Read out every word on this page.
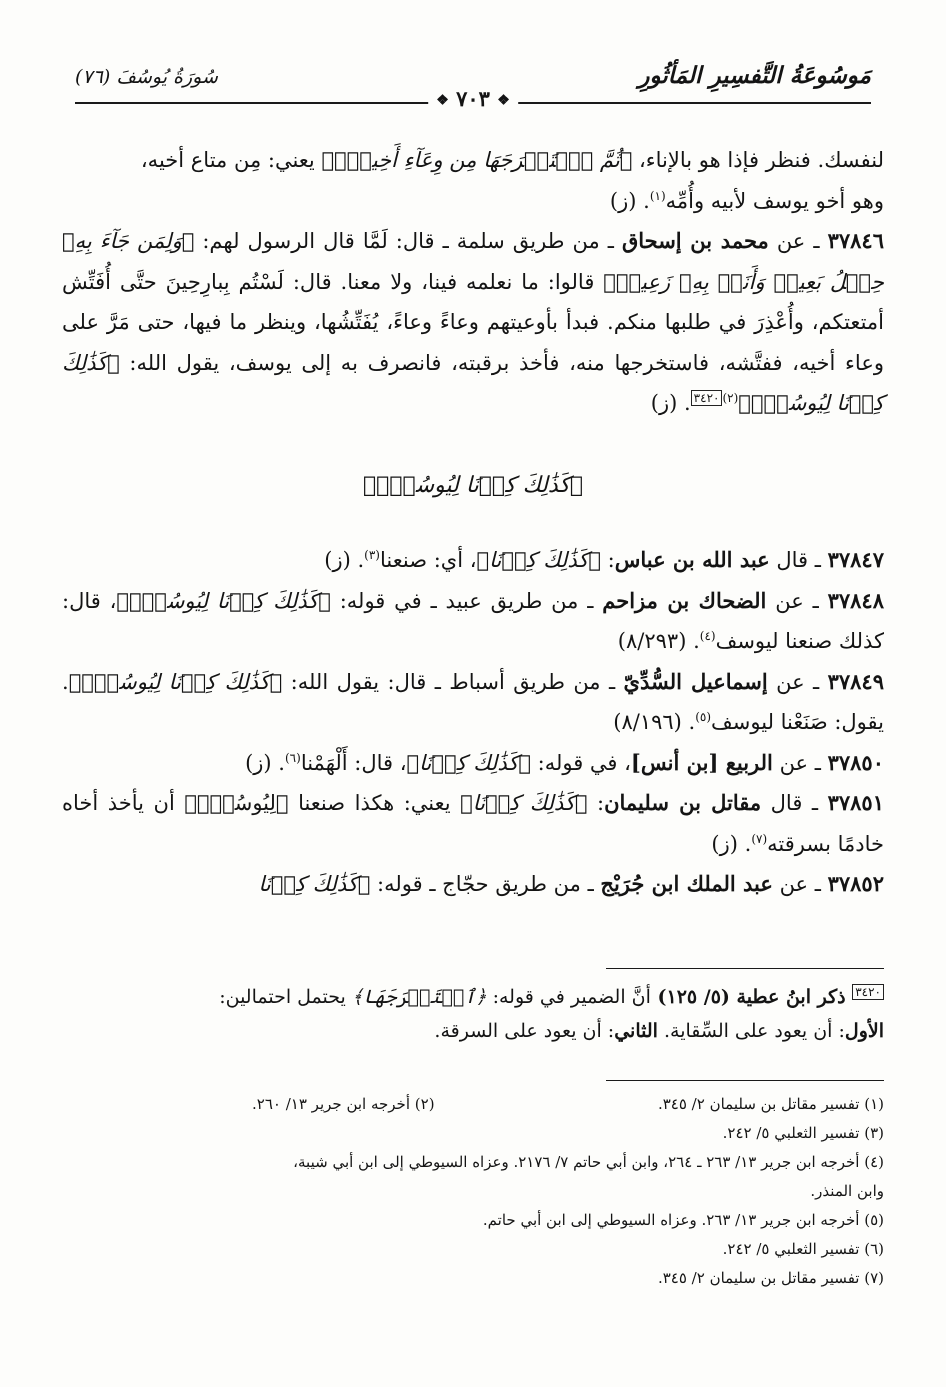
مَوسُوعَةُ التَّفسِيرِ المَأثُورِ
سُورَةُ يُوسُفَ (٧٦)
❖ ٧٠٣ ❖

لنفسك. فنظر فإذا هو بالإناء، ﴿ثُمَّ ٱسۡتَخۡرَجَهَا مِن وِعَآءِ أَخِيهِۚ﴾ يعني: مِن متاع أخيه،
وهو أخو يوسف لأبيه وأُمِّه$^{(١)}$. (ز)

٣٧٨٤٦ ـ عن محمد بن إسحاق ـ من طريق سلمة ـ قال: لَمَّا قال الرسول لهم: ﴿وَلِمَن جَآءَ بِهِۦ حِمۡلُ بَعِيرٖ وَأَنَا۠ بِهِۦ زَعِيمٞ﴾ قالوا: ما نعلمه فينا، ولا معنا. قال: لَسْتُم بِبارِحِينَ حتَّى أُفَتِّش أمتعتكم، وأُعْذِرَ في طلبها منكم. فبدأ بأوعيتهم وعاءً وعاءً، يُفَتِّشُها، وينظر ما فيها، حتى مَرَّ على وعاء أخيه، ففتَّشه، فاستخرجها منه، فأخذ برقبته، فانصرف به إلى يوسف، يقول الله: ﴿كَذَٰلِكَ كِدۡنَا لِيُوسُفَۖ﴾$^{(٢)}$٣٤٢٠. (ز)

﴿كَذَٰلِكَ كِدۡنَا لِيُوسُفَۖ﴾

٣٧٨٤٧ ـ قال عبد الله بن عباس: ﴿كَذَٰلِكَ كِدۡنَا﴾، أي: صنعنا$^{(٣)}$. (ز)

٣٧٨٤٨ ـ عن الضحاك بن مزاحم ـ من طريق عبيد ـ في قوله: ﴿كَذَٰلِكَ كِدۡنَا لِيُوسُفَۖ﴾، قال: كذلك صنعنا ليوسف$^{(٤)}$. (٨/٢٩٣)

٣٧٨٤٩ ـ عن إسماعيل السُّدِّيّ ـ من طريق أسباط ـ قال: يقول الله: ﴿كَذَٰلِكَ كِدۡنَا لِيُوسُفَۖ﴾. يقول: صَنَعْنا ليوسف$^{(٥)}$. (٨/١٩٦)

٣٧٨٥٠ ـ عن الربيع [بن أنس]، في قوله: ﴿كَذَٰلِكَ كِدۡنَا﴾، قال: أَلْهَمْنا$^{(٦)}$. (ز)

٣٧٨٥١ ـ قال مقاتل بن سليمان: ﴿كَذَٰلِكَ كِدۡنَا﴾ يعني: هكذا صنعنا ﴿لِيُوسُفَۖ﴾ أن يأخذ أخاه خادمًا بسرقته$^{(٧)}$. (ز)

٣٧٨٥٢ ـ عن عبد الملك ابن جُرَيْج ـ من طريق حجّاج ـ قوله: ﴿كَذَٰلِكَ كِدۡنَا

٣٤٢٠ ذكر ابنُ عطية (٥/ ١٢٥) أنَّ الضمير في قوله: ﴿ٱسۡتَخۡرَجَهَا﴾ يحتمل احتمالين:
الأول: أن يعود على السِّقاية. الثاني: أن يعود على السرقة.
(١) تفسير مقاتل بن سليمان ٢/ ٣٤٥.
(٢) أخرجه ابن جرير ١٣/ ٢٦٠.
(٣) تفسير الثعلبي ٥/ ٢٤٢.
(٤) أخرجه ابن جرير ١٣/ ٢٦٣ ـ ٢٦٤، وابن أبي حاتم ٧/ ٢١٧٦. وعزاه السيوطي إلى ابن أبي شيبة،
وابن المنذر.
(٥) أخرجه ابن جرير ١٣/ ٢٦٣. وعزاه السيوطي إلى ابن أبي حاتم.
(٦) تفسير الثعلبي ٥/ ٢٤٢.
(٧) تفسير مقاتل بن سليمان ٢/ ٣٤٥.
